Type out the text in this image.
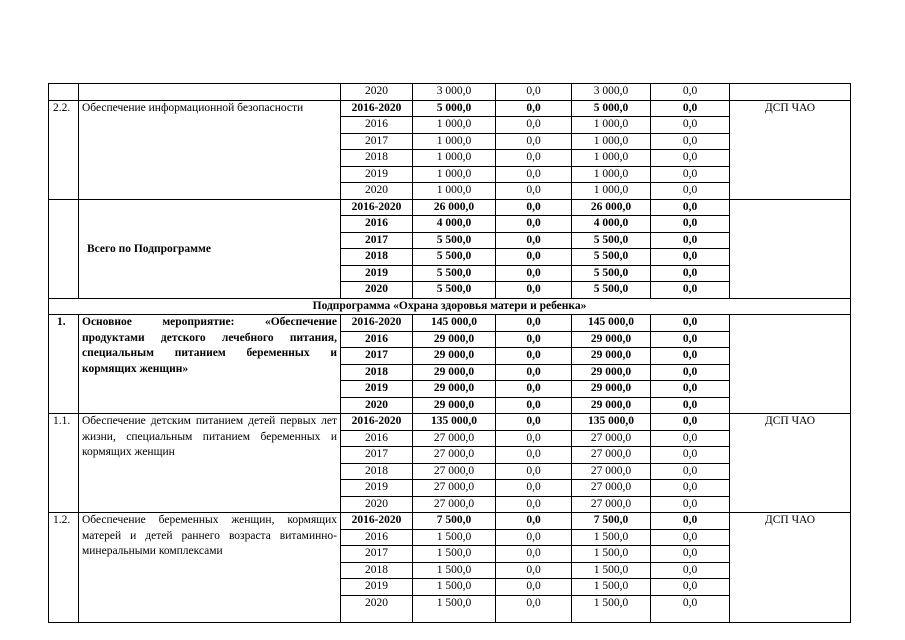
		2020	3 000,0	0,0	3 000,0	0,0	
2.2.	Обеспечение информационной безопасности	2016-2020	5 000,0	0,0	5 000,0	0,0	ДСП ЧАО
		2016	1 000,0	0,0	1 000,0	0,0	
		2017	1 000,0	0,0	1 000,0	0,0	
		2018	1 000,0	0,0	1 000,0	0,0	
		2019	1 000,0	0,0	1 000,0	0,0	
		2020	1 000,0	0,0	1 000,0	0,0	
	Всего по Подпрограмме	2016-2020	26 000,0	0,0	26 000,0	0,0	
		2016	4 000,0	0,0	4 000,0	0,0	
		2017	5 500,0	0,0	5 500,0	0,0	
		2018	5 500,0	0,0	5 500,0	0,0	
		2019	5 500,0	0,0	5 500,0	0,0	
		2020	5 500,0	0,0	5 500,0	0,0	
Подпрограмма «Охрана здоровья матери и ребенка»							
1.	Основное мероприятие: «Обеспечение продуктами детского лечебного питания, специальным питанием беременных и кормящих женщин»	2016-2020	145 000,0	0,0	145 000,0	0,0	
		2016	29 000,0	0,0	29 000,0	0,0	
		2017	29 000,0	0,0	29 000,0	0,0	
		2018	29 000,0	0,0	29 000,0	0,0	
		2019	29 000,0	0,0	29 000,0	0,0	
		2020	29 000,0	0,0	29 000,0	0,0	
1.1.	Обеспечение детским питанием детей первых лет жизни, специальным питанием беременных и кормящих женщин	2016-2020	135 000,0	0,0	135 000,0	0,0	ДСП ЧАО
		2016	27 000,0	0,0	27 000,0	0,0	
		2017	27 000,0	0,0	27 000,0	0,0	
		2018	27 000,0	0,0	27 000,0	0,0	
		2019	27 000,0	0,0	27 000,0	0,0	
		2020	27 000,0	0,0	27 000,0	0,0	
1.2.	Обеспечение беременных женщин, кормящих матерей и детей раннего возраста витаминно-минеральными комплексами	2016-2020	7 500,0	0,0	7 500,0	0,0	ДСП ЧАО
		2016	1 500,0	0,0	1 500,0	0,0	
		2017	1 500,0	0,0	1 500,0	0,0	
		2018	1 500,0	0,0	1 500,0	0,0	
		2019	1 500,0	0,0	1 500,0	0,0	
		2020	1 500,0	0,0	1 500,0	0,0	
